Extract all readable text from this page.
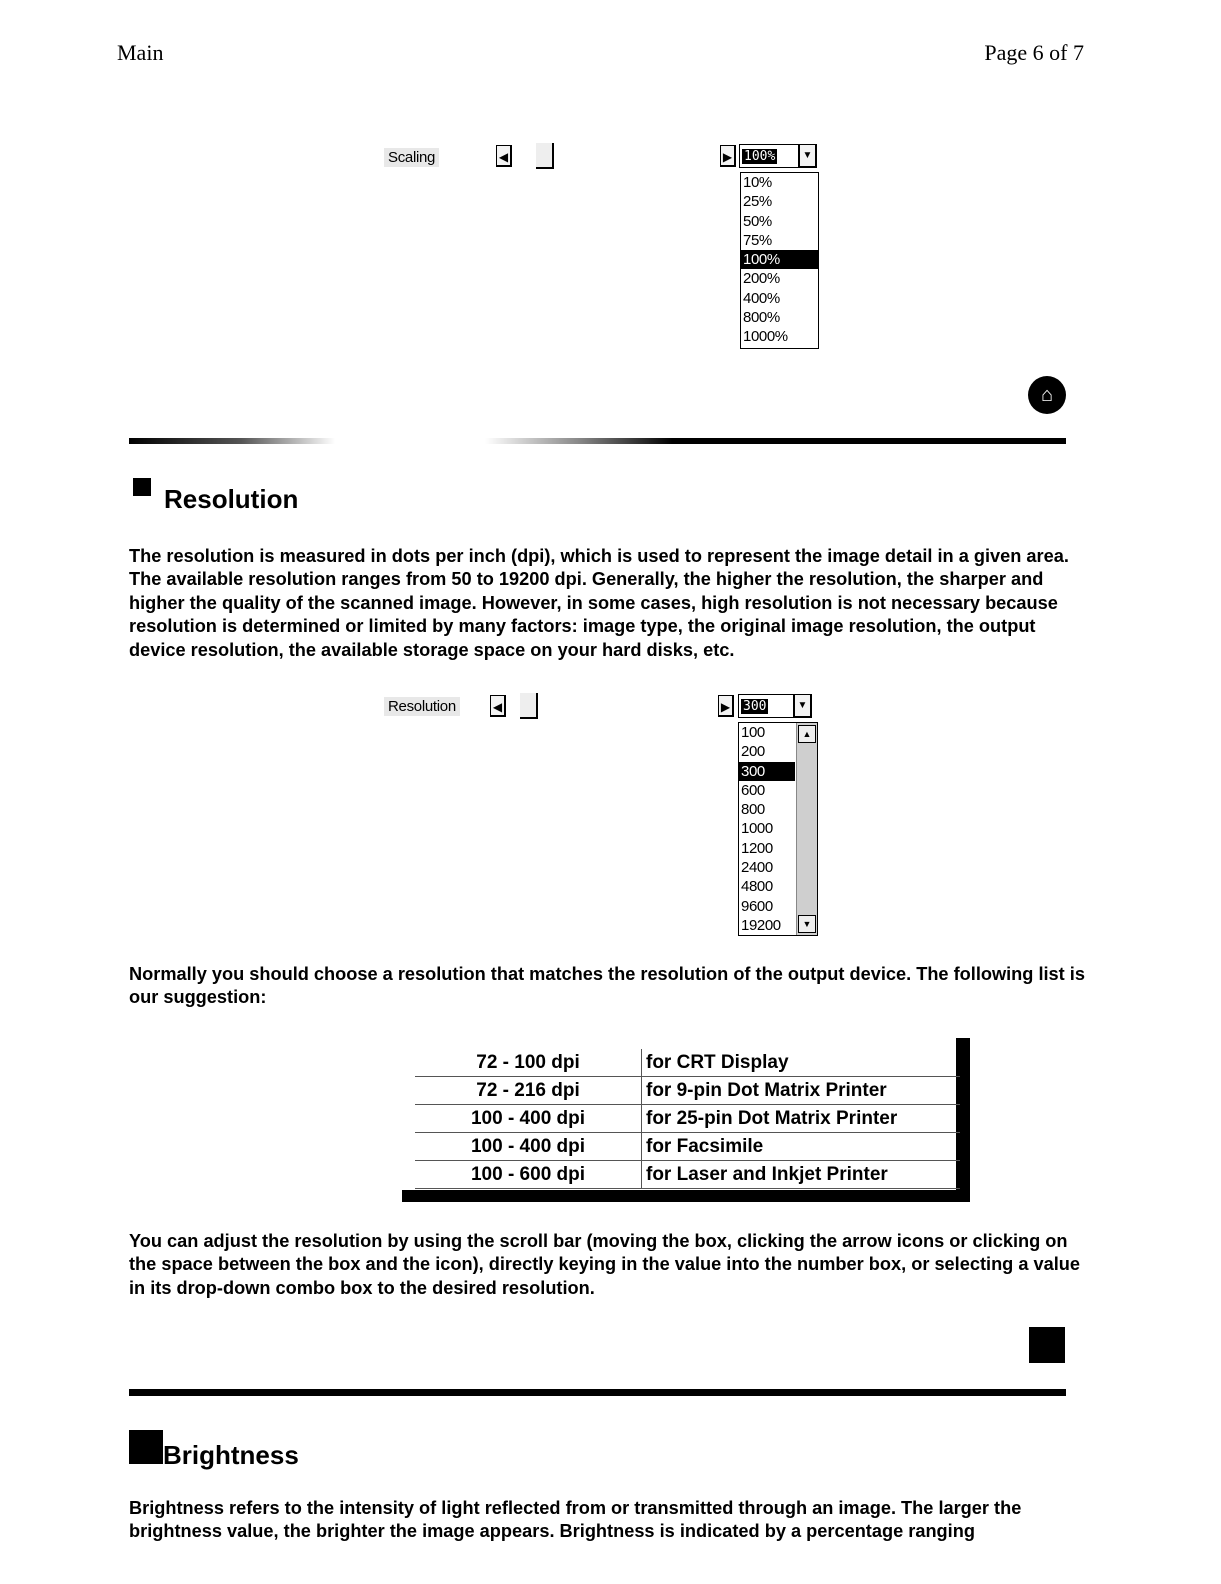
Main	Page 6 of 7
Scaling	◀	▶ 100%	▼
10%
25%
50%
75%
100%
200%
400%
800%
1000%
⌂
Resolution
The resolution is measured in dots per inch (dpi), which is used to represent the image detail in a given area. The available resolution ranges from 50 to 19200 dpi. Generally, the higher the resolution, the sharper and higher the quality of the scanned image. However, in some cases, high resolution is not necessary because resolution is determined or limited by many factors: image type, the original image resolution, the output device resolution, the available storage space on your hard disks, etc.
Resolution	◀	▶ 300	▼
100
200
300
600
800
1000
1200
2400
4800
9600
19200
▲
▼
Normally you should choose a resolution that matches the resolution of the output device. The following list is our suggestion:
72 - 100 dpi	for CRT Display
72 - 216 dpi	for 9-pin Dot Matrix Printer
100 - 400 dpi	for 25-pin Dot Matrix Printer
100 - 400 dpi	for Facsimile
100 - 600 dpi	for Laser and Inkjet Printer
You can adjust the resolution by using the scroll bar (moving the box, clicking the arrow icons or clicking on the space between the box and the icon), directly keying in the value into the number box, or selecting a value in its drop-down combo box to the desired resolution.
Brightness
Brightness refers to the intensity of light reflected from or transmitted through an image. The larger the brightness value, the brighter the image appears. Brightness is indicated by a percentage ranging
